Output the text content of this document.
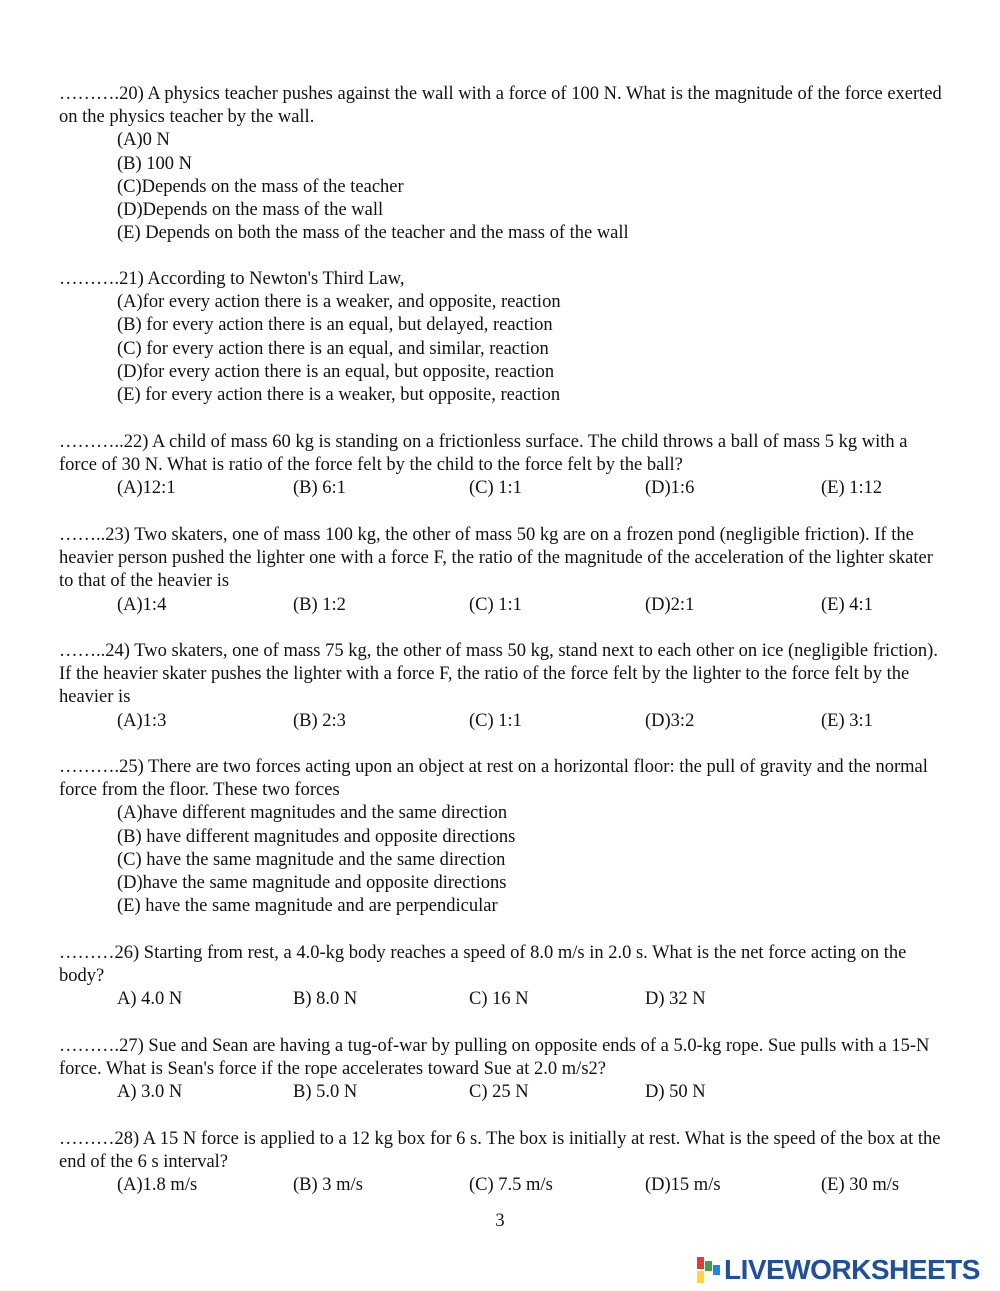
……….20) A physics teacher pushes against the wall with a force of 100 N. What is the magnitude of the force exerted on the physics teacher by the wall.
(A)0 N
(B) 100 N
(C)Depends on the mass of the teacher
(D)Depends on the mass of the wall
(E) Depends on both the mass of the teacher and the mass of the wall
……….21) According to Newton's Third Law,
(A)for every action there is a weaker, and opposite, reaction
(B) for every action there is an equal, but delayed, reaction
(C) for every action there is an equal, and similar, reaction
(D)for every action there is an equal, but opposite, reaction
(E) for every action there is a weaker, but opposite, reaction
………..22) A child of mass 60 kg is standing on a frictionless surface. The child throws a ball of mass 5 kg with a force of 30 N. What is ratio of the force felt by the child to the force felt by the ball?
(A)12:1	(B) 6:1	(C) 1:1	(D)1:6	(E) 1:12
……..23) Two skaters, one of mass 100 kg, the other of mass 50 kg are on a frozen pond (negligible friction). If the heavier person pushed the lighter one with a force F, the ratio of the magnitude of the acceleration of the lighter skater to that of the heavier is
(A)1:4	(B) 1:2	(C) 1:1	(D)2:1	(E) 4:1
……..24) Two skaters, one of mass 75 kg, the other of mass 50 kg, stand next to each other on ice (negligible friction). If the heavier skater pushes the lighter with a force F, the ratio of the force felt by the lighter to the force felt by the heavier is
(A)1:3	(B) 2:3	(C) 1:1	(D)3:2	(E) 3:1
……….25) There are two forces acting upon an object at rest on a horizontal floor: the pull of gravity and the normal force from the floor. These two forces
(A)have different magnitudes and the same direction
(B) have different magnitudes and opposite directions
(C) have the same magnitude and the same direction
(D)have the same magnitude and opposite directions
(E) have the same magnitude and are perpendicular
………26) Starting from rest, a 4.0-kg body reaches a speed of 8.0 m/s in 2.0 s. What is the net force acting on the body?
A) 4.0 N	B) 8.0 N	C) 16 N	D) 32 N
……….27) Sue and Sean are having a tug-of-war by pulling on opposite ends of a 5.0-kg rope. Sue pulls with a 15-N force. What is Sean's force if the rope accelerates toward Sue at 2.0 m/s2?
A) 3.0 N	B) 5.0 N	C) 25 N	D) 50 N
………28) A 15 N force is applied to a 12 kg box for 6 s. The box is initially at rest. What is the speed of the box at the end of the 6 s interval?
(A)1.8 m/s	(B) 3 m/s	(C) 7.5 m/s	(D)15 m/s	(E) 30 m/s
3
LIVEWORKSHEETS
